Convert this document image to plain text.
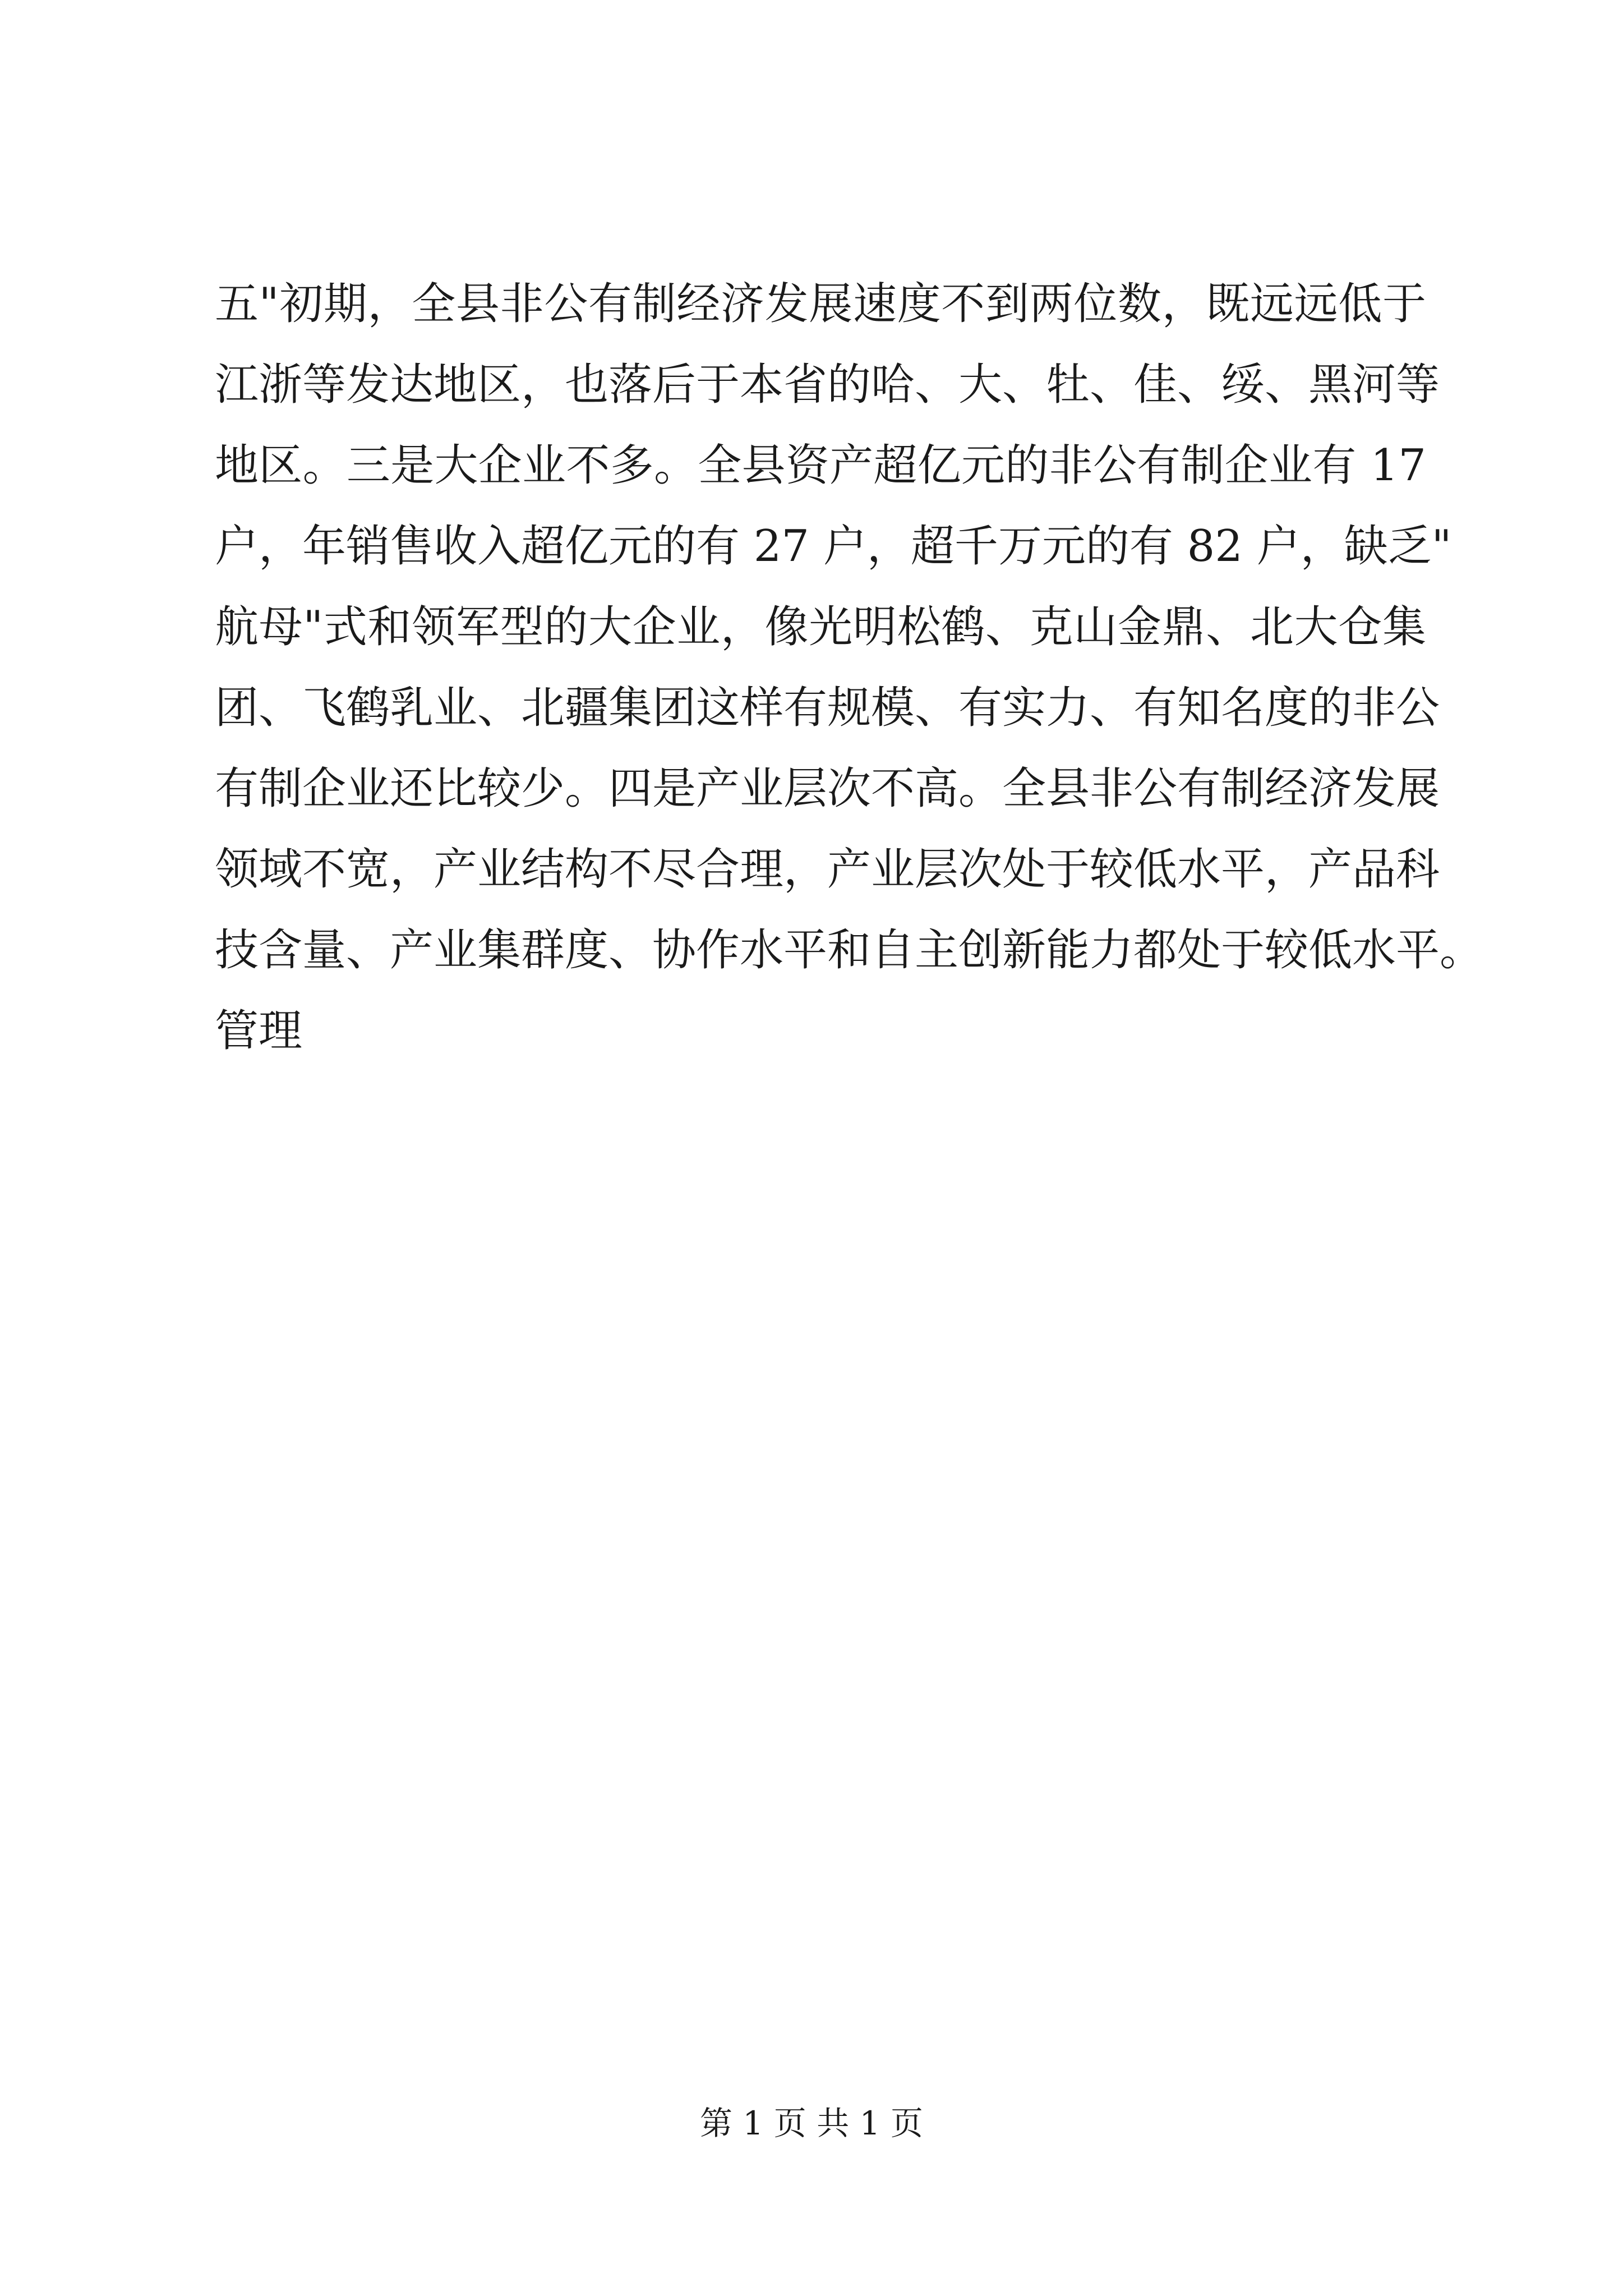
五"初期，全县非公有制经济发展速度不到两位数，既远远低于
江浙等发达地区，也落后于本省的哈、大、牡、佳、绥、黑河等
地区。三是大企业不多。全县资产超亿元的非公有制企业有 17
户，年销售收入超亿元的有 27 户，超千万元的有 82 户，缺乏"
航母"式和领军型的大企业，像光明松鹤、克山金鼎、北大仓集
团、飞鹤乳业、北疆集团这样有规模、有实力、有知名度的非公
有制企业还比较少。四是产业层次不高。全县非公有制经济发展
领域不宽，产业结构不尽合理，产业层次处于较低水平，产品科
技含量、产业集群度、协作水平和自主创新能力都处于较低水平。
管理
第 1 页 共 1 页
